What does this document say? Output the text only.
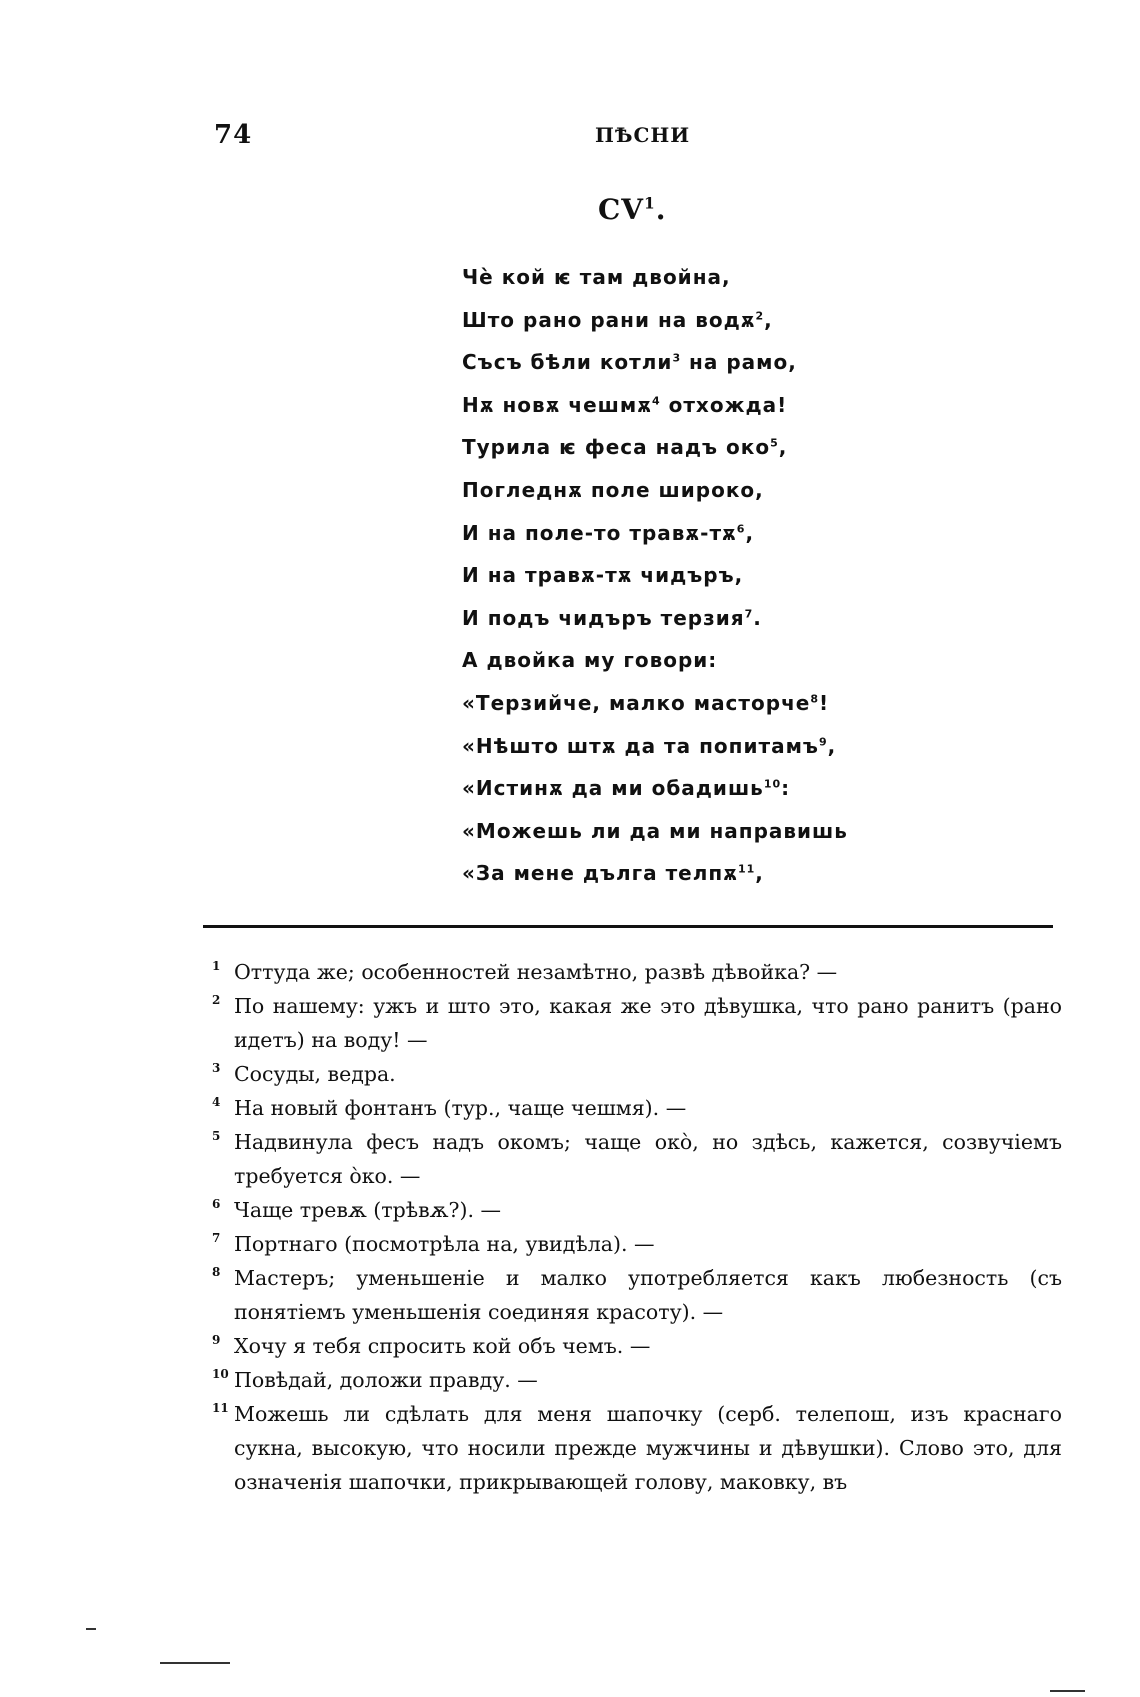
74	ПѢСНИ
$CV^1$.
Чѐ кой ѥ там двойна,
Што ранo рани на водѫ$^2$,
Съсъ бѣли котли$^3$ на рамо,
Нѫ новѫ чешмѫ$^4$ отхожда!
Турила ѥ феса надъ око$^5$,
Погледнѫ поле широко,
И на поле-то травѫ-$тѫ^6$,
И на травѫ-тѫ чидъръ,
И подъ чидъръ терзия$^7$.
А двойка му говори:
«Терзийче, малко масторче$^8$!
«Нѣшто штѫ да та попитамъ$^9$,
«Истинѫ да ми обадишь$^{10}$:
«Можешь ли да ми направишь
«За мене дълга телпѫ$^{11}$,
1 Оттуда же; особенностей незамѣтно, развѣ дѣвойка? —
2 По нашему: ужъ и што это, какая же это дѣвушка, что рано ранитъ (рано идетъ) на воду! —
3 Сосуды, ведра.
4 На новый фонтанъ (тур., чаще чешмя). —
5 Надвинула фесъ надъ окомъ; чаще око̀, но здѣсь, кажется, созвучіемъ требуется о̀ко. —
6 Чаще тревѫ (трѣвѫ?). —
7 Портнаго (посмотрѣла на, увидѣла). —
8 Мастеръ; уменьшеніе и малко употребляется какъ любезность (съ понятіемъ уменьшенія соединяя красоту). —
9 Хочу я тебя спросить кой объ чемъ. —
10 Повѣдай, доложи правду. —
11 Можешь ли сдѣлать для меня шапочку (серб. телепош, изъ краснаго сукна, высокую, что носили прежде мужчины и дѣвушки). Слово это, для означенія шапочки, прикрывающей голову, маковку, въ
